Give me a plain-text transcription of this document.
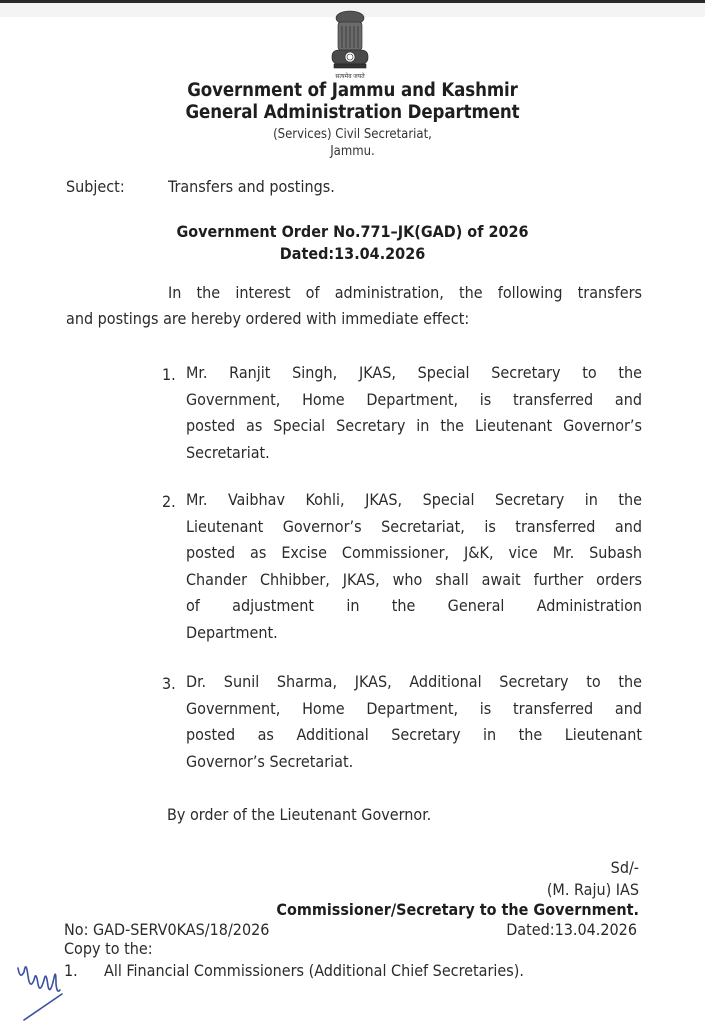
सत्यमेव जयते
Government of Jammu and Kashmir
General Administration Department
(Services) Civil Secretariat,
Jammu.
Subject:	Transfers and postings.
Government Order No.771–JK(GAD) of 2026
Dated:13.04.2026
In the interest of administration, the following transfers
and postings are hereby ordered with immediate effect:
1. Mr. Ranjit Singh, JKAS, Special Secretary to the
Government, Home Department, is transferred and
posted as Special Secretary in the Lieutenant Governor’s
Secretariat.
2. Mr. Vaibhav Kohli, JKAS, Special Secretary in the
Lieutenant Governor’s Secretariat, is transferred and
posted as Excise Commissioner, J&K, vice Mr. Subash
Chander Chhibber, JKAS, who shall await further orders
of adjustment in the General Administration
Department.
3. Dr. Sunil Sharma, JKAS, Additional Secretary to the
Government, Home Department, is transferred and
posted as Additional Secretary in the Lieutenant
Governor’s Secretariat.
By order of the Lieutenant Governor.
Sd/-
(M. Raju) IAS
Commissioner/Secretary to the Government.
No: GAD-SERV0KAS/18/2026	Dated:13.04.2026
Copy to the:
1. All Financial Commissioners (Additional Chief Secretaries).
